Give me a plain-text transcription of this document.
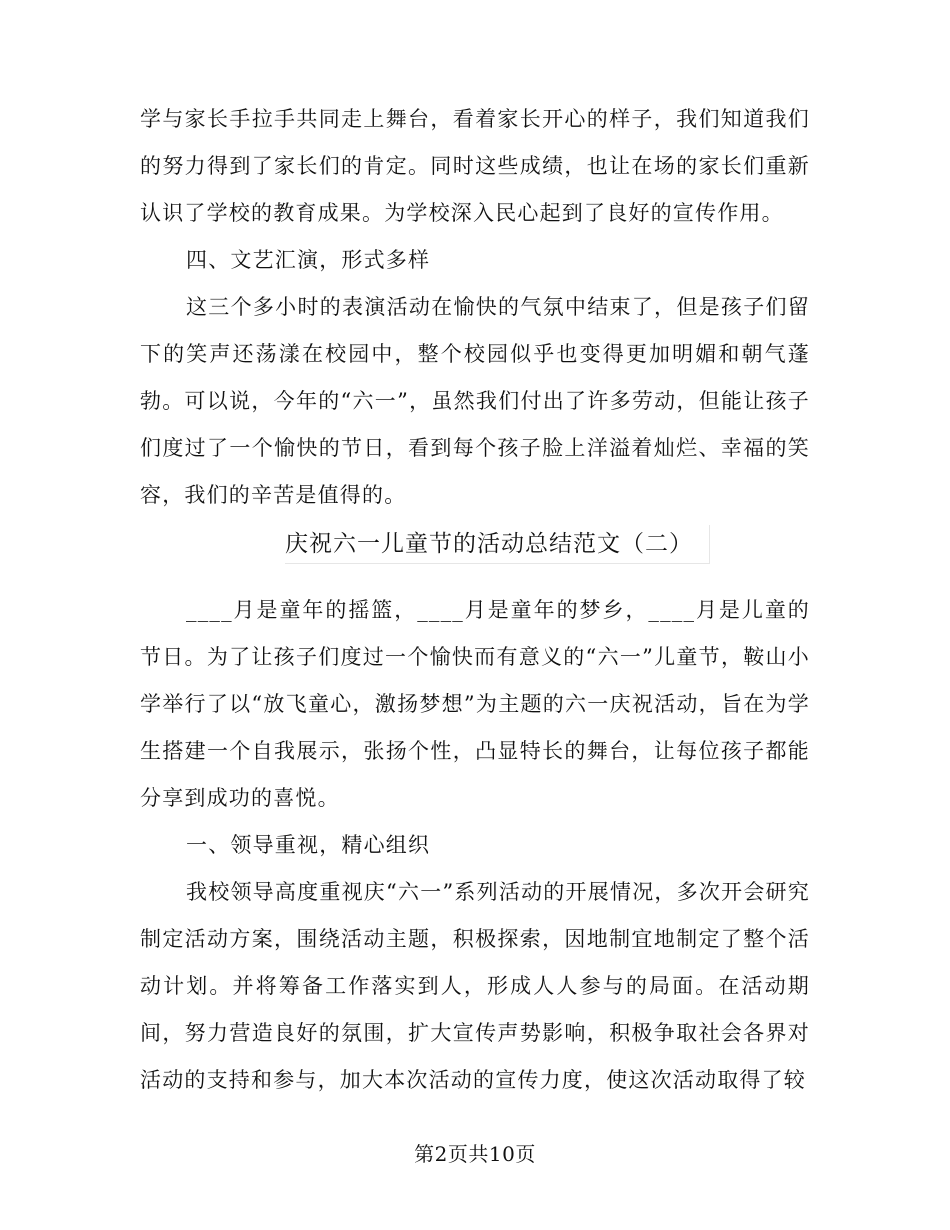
学与家长手拉手共同走上舞台，看着家长开心的样子，我们知道我们的努力得到了家长们的肯定。同时这些成绩，也让在场的家长们重新认识了学校的教育成果。为学校深入民心起到了良好的宣传作用。

四、文艺汇演，形式多样

这三个多小时的表演活动在愉快的气氛中结束了，但是孩子们留下的笑声还荡漾在校园中，整个校园似乎也变得更加明媚和朝气蓬勃。可以说，今年的“六一”，虽然我们付出了许多劳动，但能让孩子们度过了一个愉快的节日，看到每个孩子脸上洋溢着灿烂、幸福的笑容，我们的辛苦是值得的。

庆祝六一儿童节的活动总结范文（二）

____月是童年的摇篮，____月是童年的梦乡，____月是儿童的节日。为了让孩子们度过一个愉快而有意义的“六一”儿童节，鞍山小学举行了以“放飞童心，激扬梦想”为主题的六一庆祝活动，旨在为学生搭建一个自我展示，张扬个性，凸显特长的舞台，让每位孩子都能分享到成功的喜悦。

一、领导重视，精心组织

我校领导高度重视庆“六一”系列活动的开展情况，多次开会研究制定活动方案，围绕活动主题，积极探索，因地制宜地制定了整个活动计划。并将筹备工作落实到人，形成人人参与的局面。在活动期间，努力营造良好的氛围，扩大宣传声势影响，积极争取社会各界对活动的支持和参与，加大本次活动的宣传力度，使这次活动取得了较

第2页共10页
